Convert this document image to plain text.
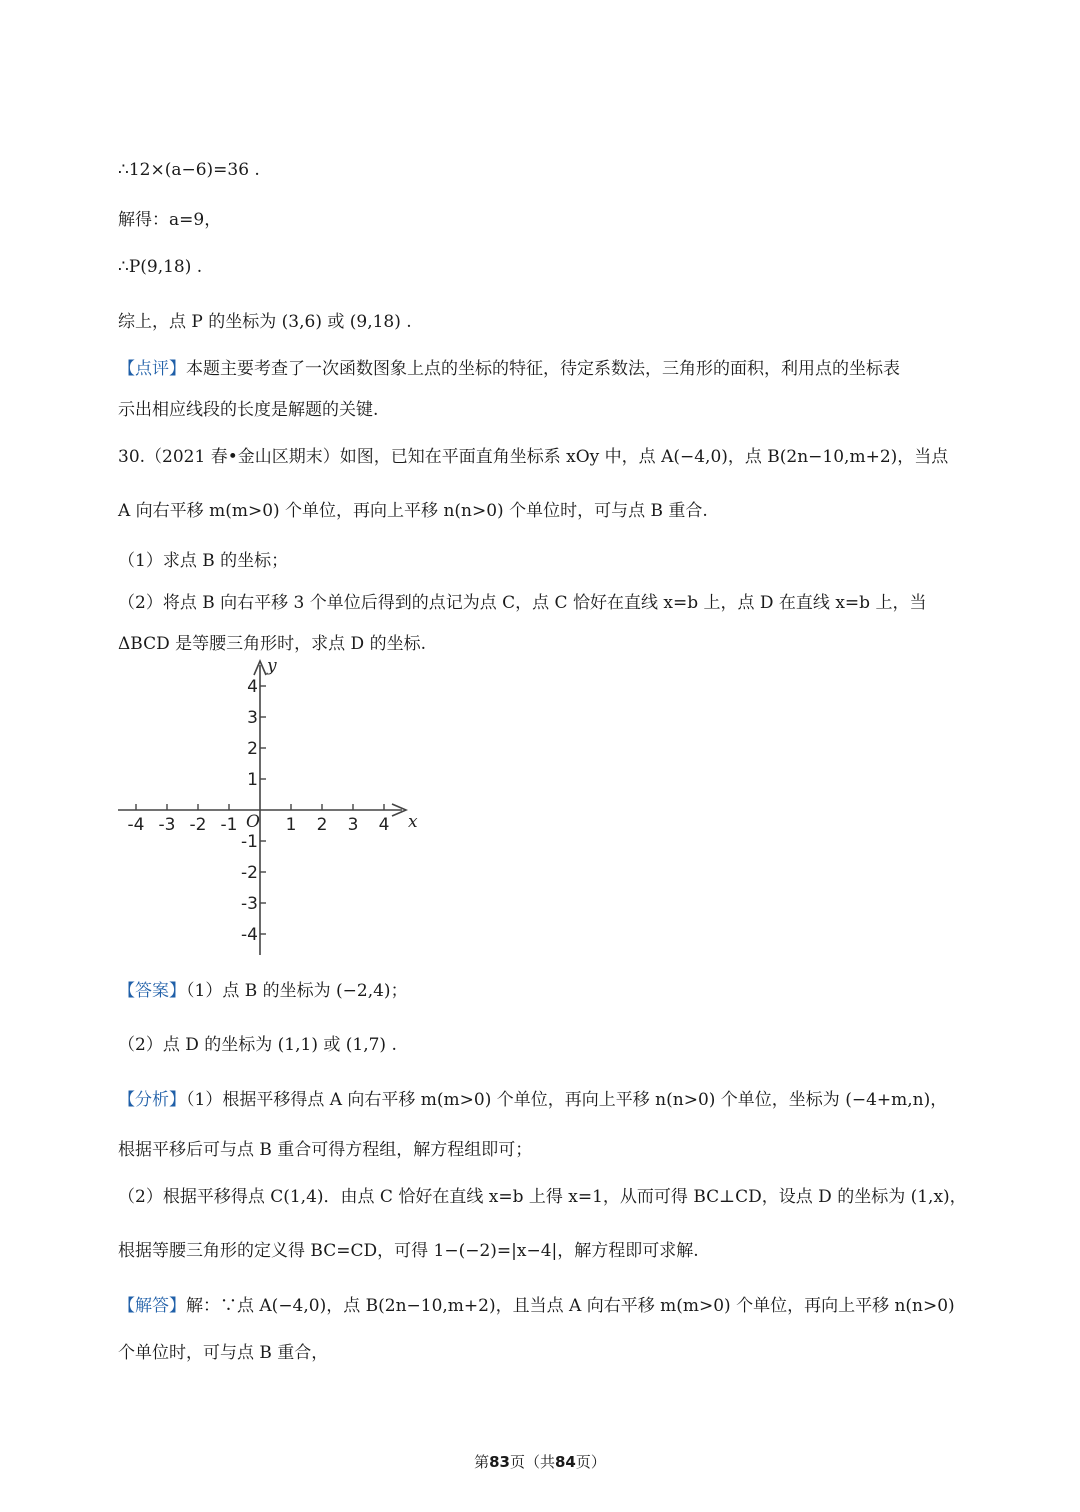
∴12×(a−6)=36 .
解得：a=9，
∴P(9,18) .
综上，点 P 的坐标为 (3,6) 或 (9,18) .
【点评】本题主要考查了一次函数图象上点的坐标的特征，待定系数法，三角形的面积，利用点的坐标表
示出相应线段的长度是解题的关键.
30.（2021 春•金山区期末）如图，已知在平面直角坐标系 xOy 中，点 A(−4,0)，点 B(2n−10,m+2)，当点
A 向右平移 m(m>0) 个单位，再向上平移 n(n>0) 个单位时，可与点 B 重合.
（1）求点 B 的坐标；
（2）将点 B 向右平移 3 个单位后得到的点记为点 C，点 C 恰好在直线 x=b 上，点 D 在直线 x=b 上，当
ΔBCD 是等腰三角形时，求点 D 的坐标.
【答案】（1）点 B 的坐标为 (−2,4)；
（2）点 D 的坐标为 (1,1) 或 (1,7) .
【分析】（1）根据平移得点 A 向右平移 m(m>0) 个单位，再向上平移 n(n>0) 个单位，坐标为 (−4+m,n)，
根据平移后可与点 B 重合可得方程组，解方程组即可；
（2）根据平移得点 C(1,4)．由点 C 恰好在直线 x=b 上得 x=1，从而可得 BC⊥CD，设点 D 的坐标为 (1,x)，
根据等腰三角形的定义得 BC=CD，可得 1−(−2)=|x−4|，解方程即可求解.
【解答】解：∵点 A(−4,0)，点 B(2n−10,m+2)，且当点 A 向右平移 m(m>0) 个单位，再向上平移 n(n>0)
个单位时，可与点 B 重合，
-4 -3 -2 -1	1 2 3 4
4
3
2
1
-1
-2
-3
-4
O	x
y
第83页（共84页）
